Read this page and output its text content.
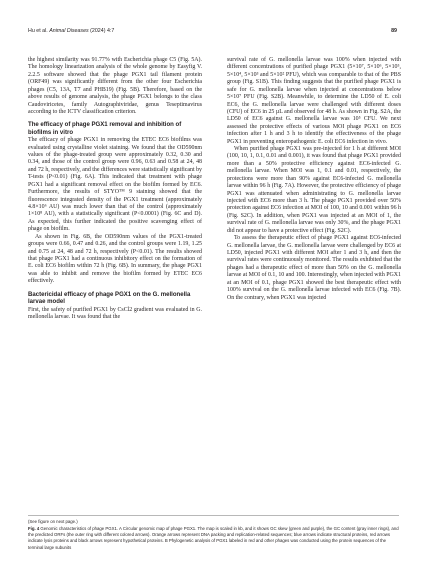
Hu et al. Animal Diseases (2024) 4:7	89

the highest similarity was 91.77% with Escherichia phage C5 (Fig. 5A). The homology linearization analysis of the whole genome by Easyfig V. 2.2.5 software showed that the phage PGX1 tail filament protein (ORF49) was significantly different from the other four Escherichia phages (C5, 13A, T7 and PHB19) (Fig. 5B). Therefore, based on the above results of genome analysis, the phage PGX1 belongs to the class Caudoviricetes, family Autographiviridae, genus Teseptimavirus according to the ICTV classification criterion.

The efficacy of phage PGX1 removal and inhibition of biofilms in vitro

The efficacy of phage PGX1 in removing the ETEC EC6 biofilms was evaluated using crystalline violet staining. We found that the OD590nm values of the phage-treated group were approximately 0.32, 0.30 and 0.34, and those of the control group were 0.96, 0.63 and 0.58 at 24, 48 and 72 h, respectively, and the differences were statistically significant by T-tests (P<0.01) (Fig. 6A). This indicated that treatment with phage PGX1 had a significant removal effect on the biofilm formed by EC6. Furthermore, the results of STYO™ 9 staining showed that the fluorescence integrated density of the PGX1 treatment (approximately 4.8×10⁶ AU) was much lower than that of the control (approximately 1×10⁸ AU), with a statistically significant (P<0.0001) (Fig. 6C and D). As expected, this further indicated the positive scavenging effect of phage on biofilm.

As shown in Fig. 6B, the OD590nm values of the PGX1-treated groups were 0.66, 0.47 and 0.26, and the control groups were 1.19, 1.25 and 0.75 at 24, 48 and 72 h, respectively (P<0.01). The results showed that phage PGX1 had a continuous inhibitory effect on the formation of E. coli EC6 biofilm within 72 h (Fig. 6B). In summary, the phage PGX1 was able to inhibit and remove the biofilm formed by ETEC EC6 effectively.

Bactericidal efficacy of phage PGX1 on the G. mellonella larvae model

First, the safety of purified PGX1 by CsCl2 gradient was evaluated in G. mellonella larvae. It was found that the

survival rate of G. mellonella larvae was 100% when injected with different concentrations of purified phage PGX1 (5×10⁷, 5×10⁶, 5×10⁵, 5×10⁴, 5×10³ and 5×10² PFU), which was comparable to that of the PBS group (Fig. S1B). This finding suggests that the purified phage PGX1 is safe for G. mellonella larvae when injected at concentrations below 5×10⁷ PFU (Fig. S2B). Meanwhile, to determine the LD50 of E. coli EC6, the G. mellonella larvae were challenged with different doses (CFU) of EC6 in 25 µL and observed for 48 h. As shown in Fig. S2A, the LD50 of EC6 against G. mellonella larvae was 10⁵ CFU. We next assessed the protective effects of various MOI phage PGX1 on EC6 infection after 1 h and 3 h to identify the effectiveness of the phage PGX1 in preventing enteropathogenic E. coli EC6 infection in vivo.

When purified phage PGX1 was pre-injected for 1 h at different MOI (100, 10, 1, 0.1, 0.01 and 0.001), it was found that phage PGX1 provided more than a 50% protective efficiency against EC6-infected G. mellonella larvae. When MOI was 1, 0.1 and 0.01, respectively, the protections were more than 90% against EC6-infected G. mellonella larvae within 96 h (Fig. 7A). However, the protective efficiency of phage PGX1 was attenuated when administrating to G. mellonella larvae injected with EC6 more than 3 h. The phage PGX1 provided over 50% protection against EC6 infection at MOI of 100, 10 and 0.001 within 96 h (Fig. S2C). In addition, when PGX1 was injected at an MOI of 1, the survival rate of G. mellonella larvae was only 30%, and the phage PGX1 did not appear to have a protective effect (Fig. S2C).

To assess the therapeutic effect of phage PGX1 against EC6-infected G. mellonella larvae, the G. mellonella larvae were challenged by EC6 at LD50, injected PGX1 with different MOI after 1 and 3 h, and then the survival rates were continuously monitored. The results exhibited that the phages had a therapeutic effect of more than 50% on the G. mellonella larvae at MOI of 0.1, 10 and 100. Interestingly, when injected with PGX1 at an MOI of 0.1, phage PGX1 showed the best therapeutic effect with 100% survival on the G. mellonella larvae infected with EC6 (Fig. 7B). On the contrary, when PGX1 was injected

(See figure on next page.)

Fig. 4 Genomic characteristics of phage PGX1. A Circular genomic map of phage PGX1. The map is scaled in kb, and it shows GC skew (green and purple), the GC content (gray inner rings), and the predicted ORFs (the outer ring with different colored arrows). Orange arrows represent DNA packing and replication-related sequences; blue arrows indicate structural proteins, red arrows indicate lysis proteins and black arrows represent hypothetical proteins. B Phylogenetic analysis of PGX1 labeled in red and other phages was conducted using the protein sequences of the terminal large subunits
